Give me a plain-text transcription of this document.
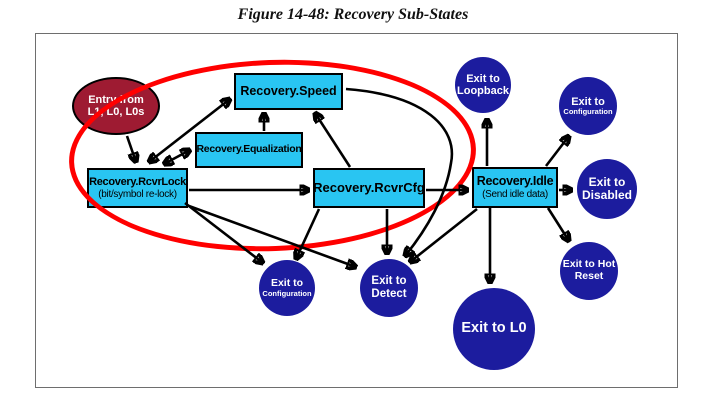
Figure 14-48: Recovery Sub-States
Entry from
L1, L0, L0s
Recovery.Speed
Recovery.Equalization
Recovery.RcvrLock
(bit/symbol re-lock)	Recovery.RcvrCfg	Recovery.Idle
(Send idle data)
Exit to
Loopback
Exit to
Configuration
Exit to
Disabled
Exit to Hot
Reset
Exit to L0
Exit to
Configuration
Exit to
Detect
